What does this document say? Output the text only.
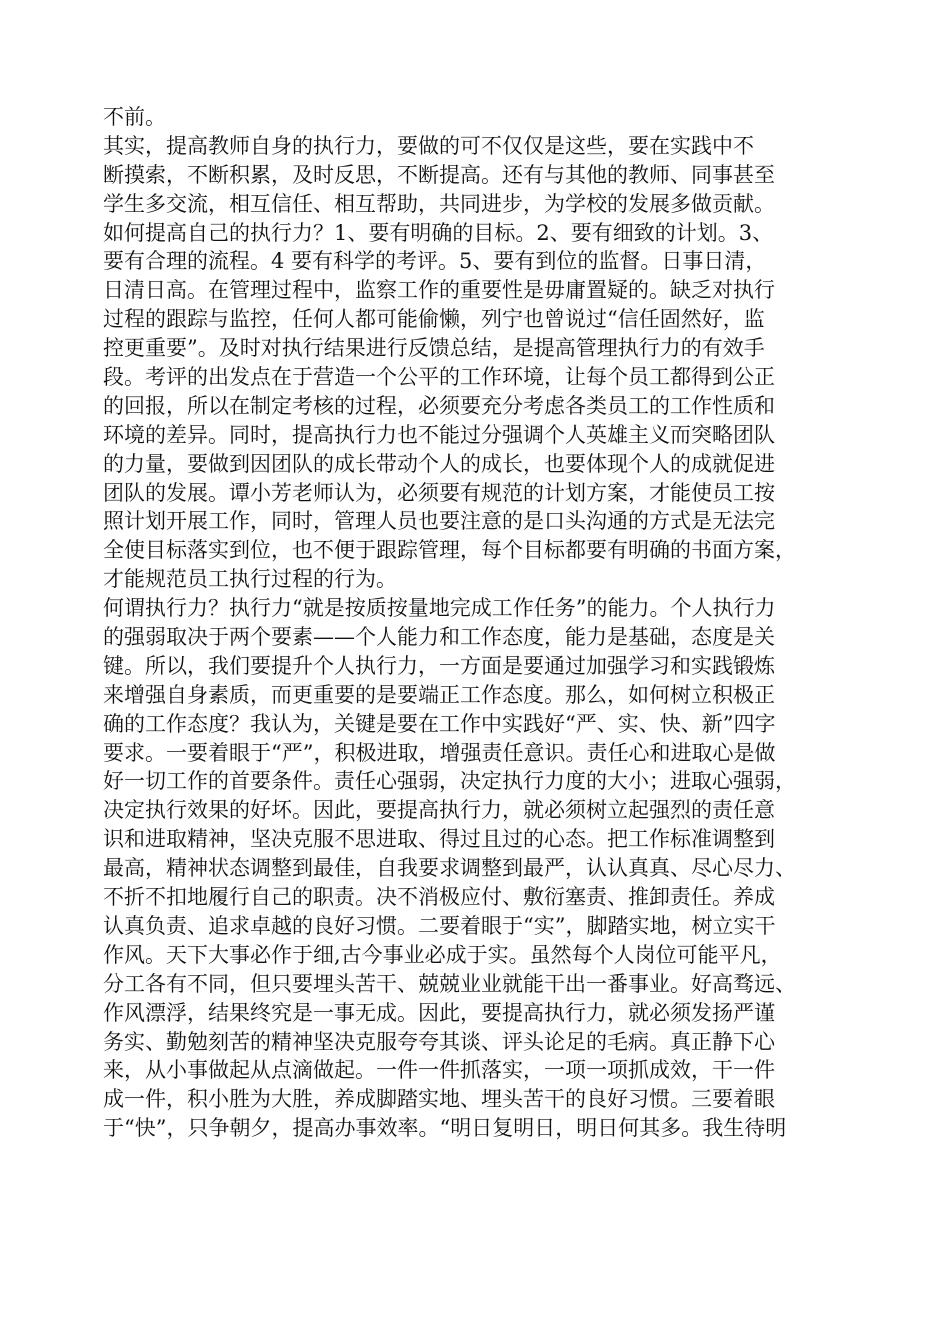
不前。
其实，提高教师自身的执行力，要做的可不仅仅是这些，要在实践中不
断摸索，不断积累，及时反思，不断提高。还有与其他的教师、同事甚至
学生多交流，相互信任、相互帮助，共同进步，为学校的发展多做贡献。
如何提高自己的执行力？1、要有明确的目标。2、要有细致的计划。3、
要有合理的流程。4 要有科学的考评。5、要有到位的监督。日事日清，
日清日高。在管理过程中，监察工作的重要性是毋庸置疑的。缺乏对执行
过程的跟踪与监控，任何人都可能偷懒，列宁也曾说过“信任固然好，监
控更重要”。及时对执行结果进行反馈总结，是提高管理执行力的有效手
段。考评的出发点在于营造一个公平的工作环境，让每个员工都得到公正
的回报，所以在制定考核的过程，必须要充分考虑各类员工的工作性质和
环境的差异。同时，提高执行力也不能过分强调个人英雄主义而突略团队
的力量，要做到因团队的成长带动个人的成长，也要体现个人的成就促进
团队的发展。谭小芳老师认为，必须要有规范的计划方案，才能使员工按
照计划开展工作，同时，管理人员也要注意的是口头沟通的方式是无法完
全使目标落实到位，也不便于跟踪管理，每个目标都要有明确的书面方案，
才能规范员工执行过程的行为。
何谓执行力？执行力“就是按质按量地完成工作任务”的能力。个人执行力
的强弱取决于两个要素——个人能力和工作态度，能力是基础，态度是关
键。所以，我们要提升个人执行力，一方面是要通过加强学习和实践锻炼
来增强自身素质，而更重要的是要端正工作态度。那么，如何树立积极正
确的工作态度？我认为，关键是要在工作中实践好“严、实、快、新”四字
要求。一要着眼于“严”，积极进取，增强责任意识。责任心和进取心是做
好一切工作的首要条件。责任心强弱，决定执行力度的大小；进取心强弱，
决定执行效果的好坏。因此，要提高执行力，就必须树立起强烈的责任意
识和进取精神，坚决克服不思进取、得过且过的心态。把工作标准调整到
最高，精神状态调整到最佳，自我要求调整到最严，认认真真、尽心尽力、
不折不扣地履行自己的职责。决不消极应付、敷衍塞责、推卸责任。养成
认真负责、追求卓越的良好习惯。二要着眼于“实”，脚踏实地，树立实干
作风。天下大事必作于细,古今事业必成于实。虽然每个人岗位可能平凡，
分工各有不同，但只要埋头苦干、兢兢业业就能干出一番事业。好高骛远、
作风漂浮，结果终究是一事无成。因此，要提高执行力，就必须发扬严谨
务实、勤勉刻苦的精神坚决克服夸夸其谈、评头论足的毛病。真正静下心
来，从小事做起从点滴做起。一件一件抓落实，一项一项抓成效，干一件
成一件，积小胜为大胜，养成脚踏实地、埋头苦干的良好习惯。三要着眼
于“快”，只争朝夕，提高办事效率。“明日复明日，明日何其多。我生待明
